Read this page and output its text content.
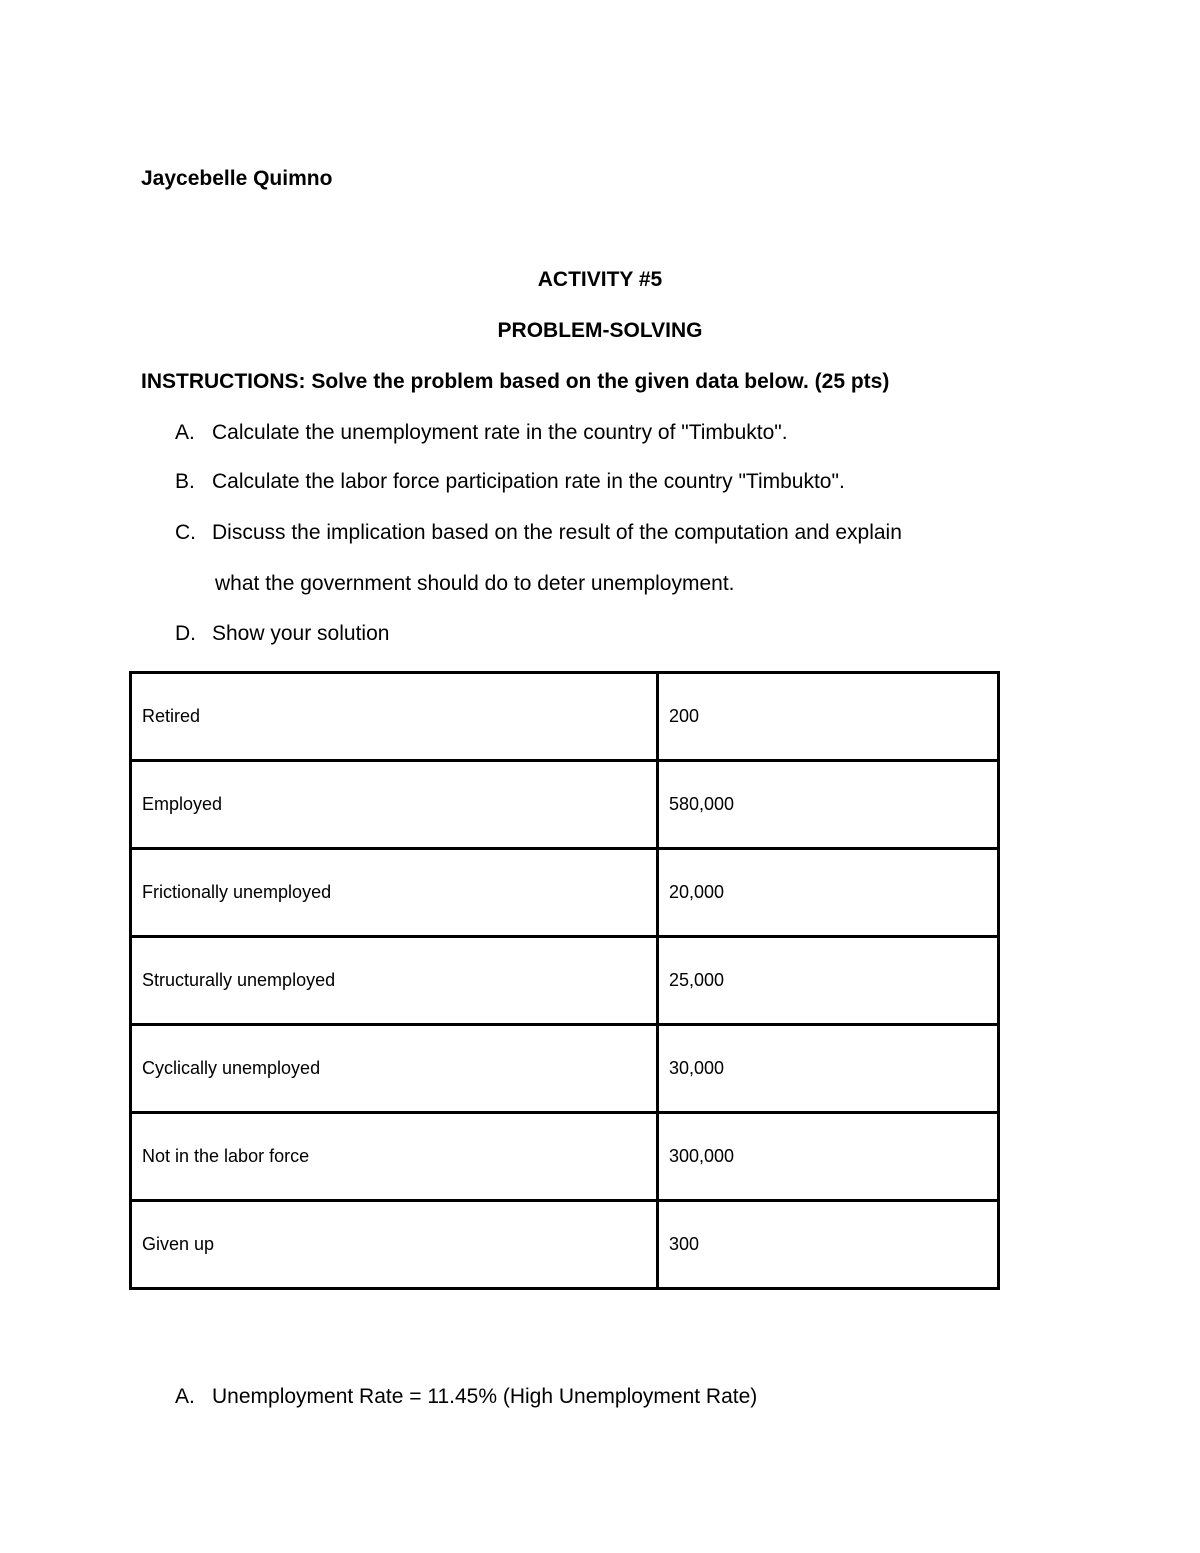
Jaycebelle Quimno
ACTIVITY #5
PROBLEM-SOLVING
INSTRUCTIONS: Solve the problem based on the given data below. (25 pts)
A. Calculate the unemployment rate in the country of "Timbukto".
B. Calculate the labor force participation rate in the country "Timbukto".
C. Discuss the implication based on the result of the computation and explain
what the government should do to deter unemployment.
D. Show your solution
Retired	200
Employed	580,000
Frictionally unemployed	20,000
Structurally unemployed	25,000
Cyclically unemployed	30,000
Not in the labor force	300,000
Given up	300
A. Unemployment Rate = 11.45% (High Unemployment Rate)
